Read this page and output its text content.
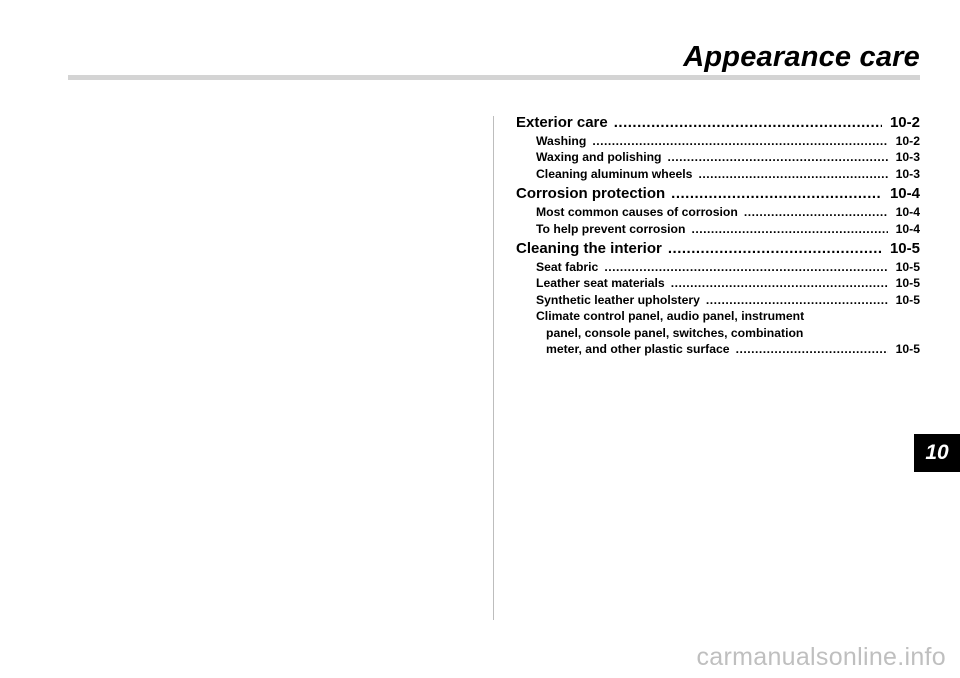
Appearance care
Exterior care .....	10-2
Washing .....	10-2
Waxing and polishing .....	10-3
Cleaning aluminum wheels .....	10-3
Corrosion protection .....	10-4
Most common causes of corrosion .....	10-4
To help prevent corrosion .....	10-4
Cleaning the interior .....	10-5
Seat fabric .....	10-5
Leather seat materials .....	10-5
Synthetic leather upholstery .....	10-5
Climate control panel, audio panel, instrument
panel, console panel, switches, combination
meter, and other plastic surface .....	10-5
10
carmanualsonline.info
